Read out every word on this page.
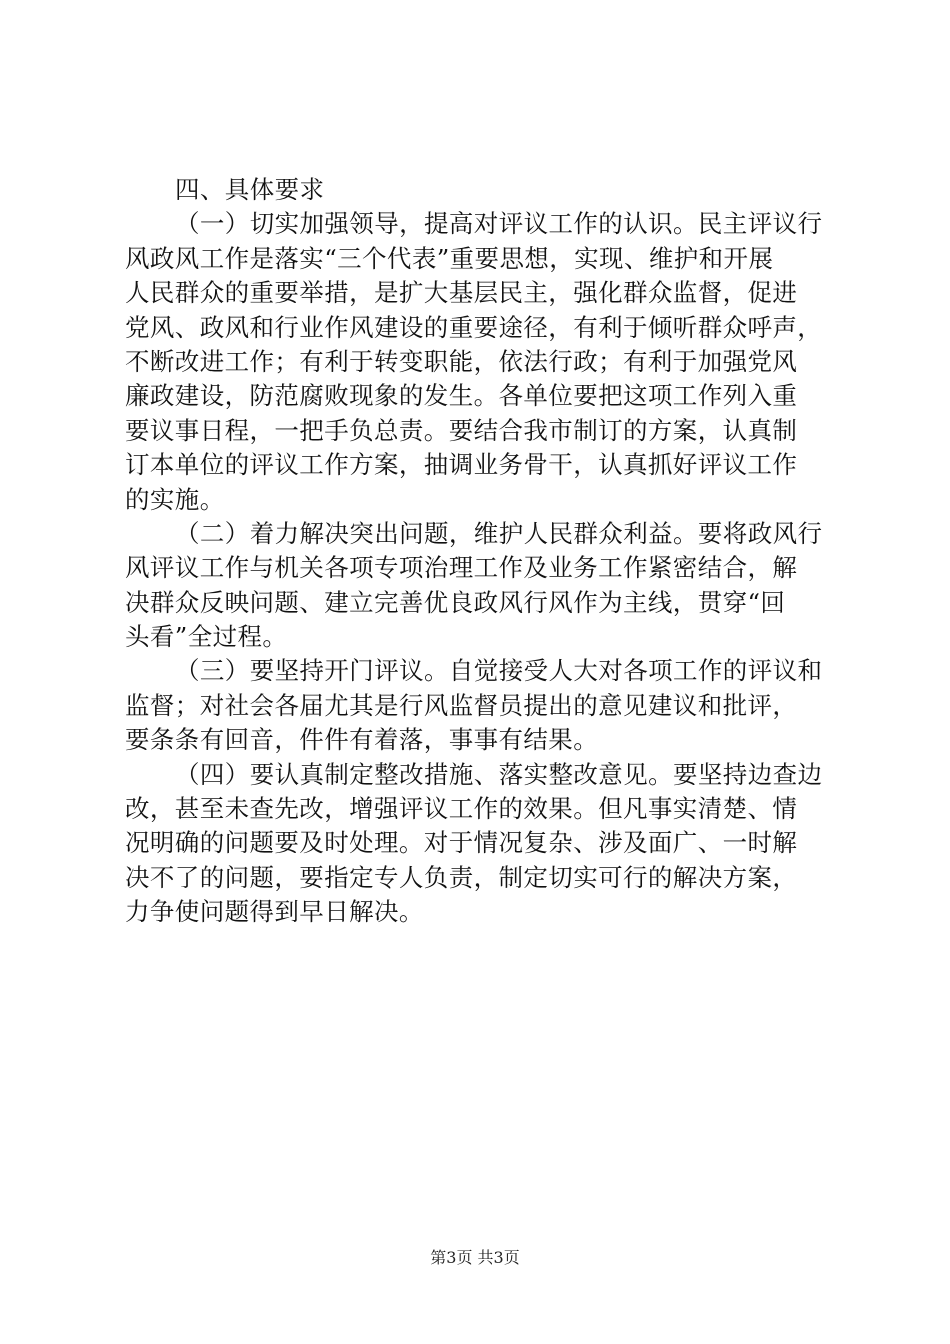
四、具体要求
（一）切实加强领导，提高对评议工作的认识。民主评议行
风政风工作是落实“三个代表”重要思想，实现、维护和开展
人民群众的重要举措，是扩大基层民主，强化群众监督，促进
党风、政风和行业作风建设的重要途径，有利于倾听群众呼声，
不断改进工作；有利于转变职能，依法行政；有利于加强党风
廉政建设，防范腐败现象的发生。各单位要把这项工作列入重
要议事日程，一把手负总责。要结合我市制订的方案，认真制
订本单位的评议工作方案，抽调业务骨干，认真抓好评议工作
的实施。
（二）着力解决突出问题，维护人民群众利益。要将政风行
风评议工作与机关各项专项治理工作及业务工作紧密结合，解
决群众反映问题、建立完善优良政风行风作为主线，贯穿“回
头看”全过程。
（三）要坚持开门评议。自觉接受人大对各项工作的评议和
监督；对社会各届尤其是行风监督员提出的意见建议和批评，
要条条有回音，件件有着落，事事有结果。
（四）要认真制定整改措施、落实整改意见。要坚持边查边
改，甚至未查先改，增强评议工作的效果。但凡事实清楚、情
况明确的问题要及时处理。对于情况复杂、涉及面广、一时解
决不了的问题，要指定专人负责，制定切实可行的解决方案，
力争使问题得到早日解决。
第3页 共3页
